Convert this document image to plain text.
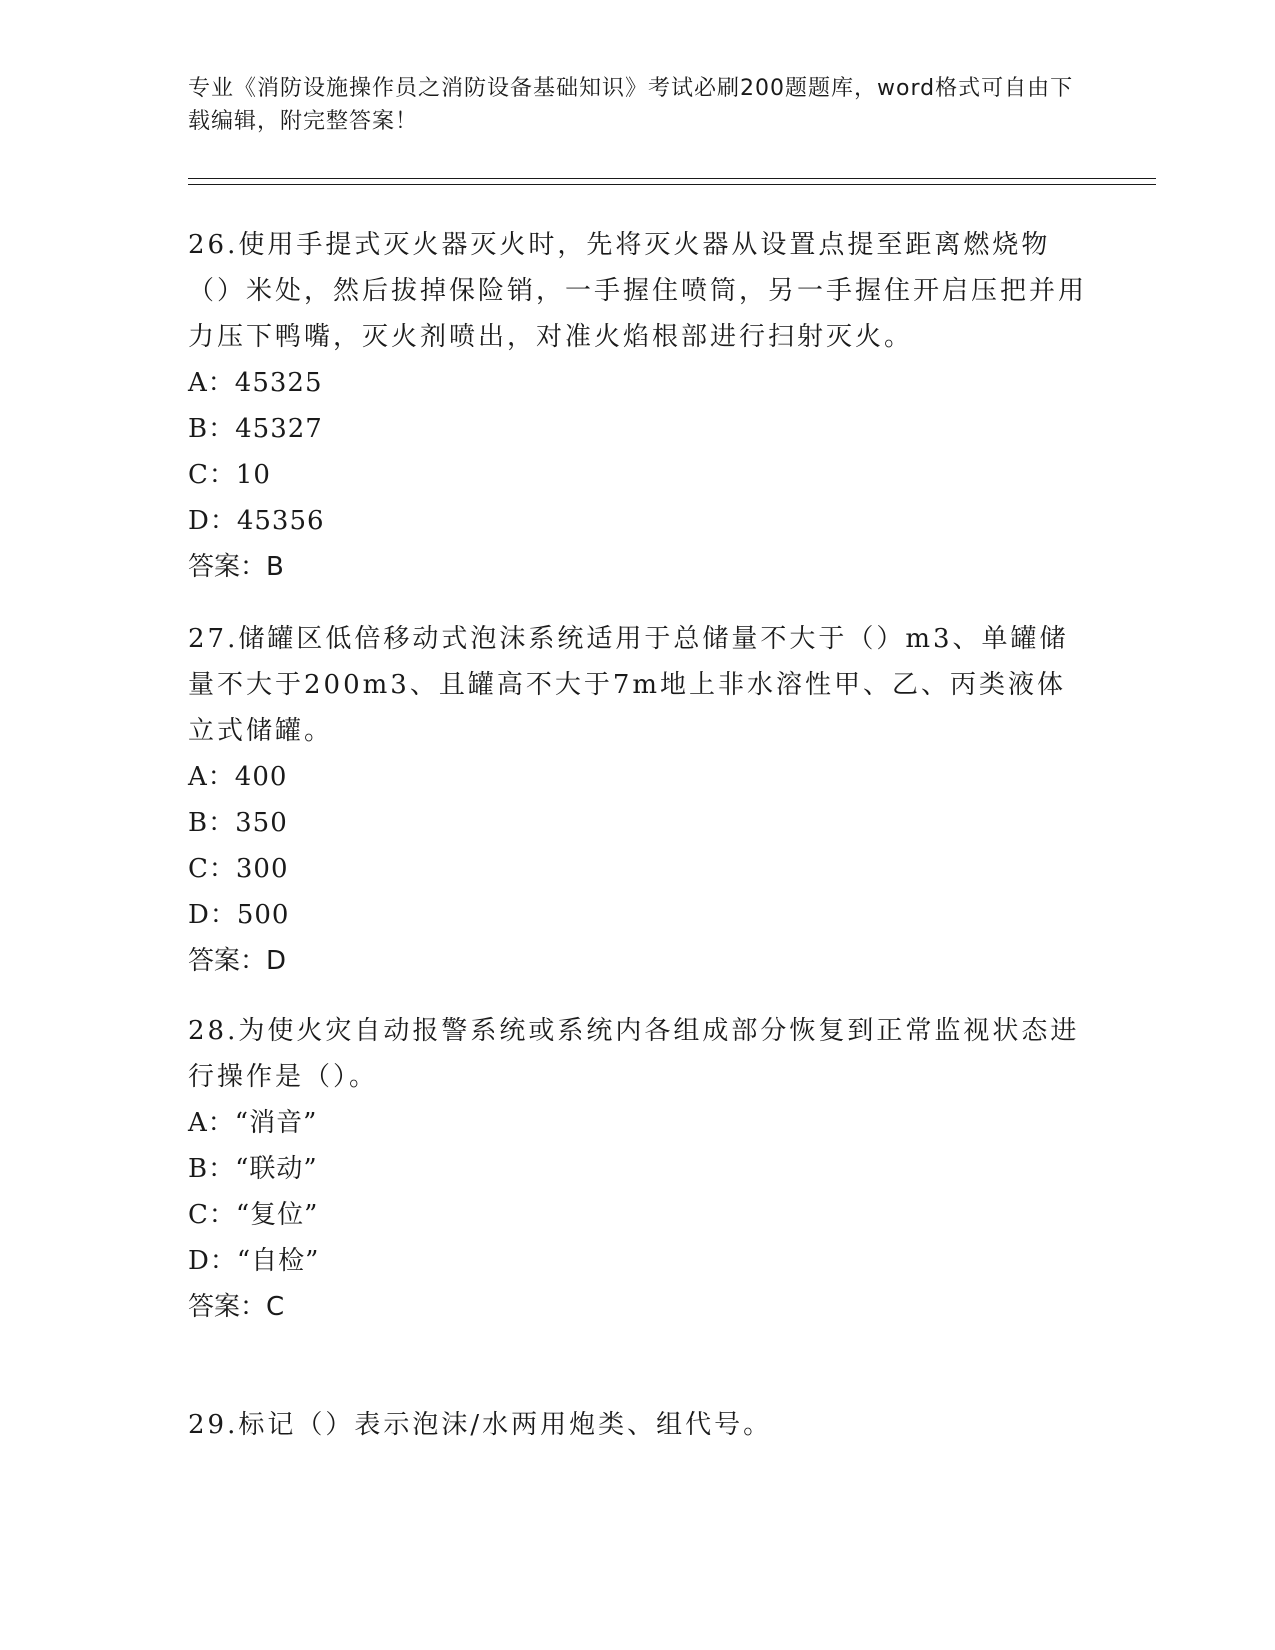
专业《消防设施操作员之消防设备基础知识》考试必刷200题题库，word格式可自由下载编辑，附完整答案！

26.使用手提式灭火器灭火时，先将灭火器从设置点提至距离燃烧物（）米处，然后拔掉保险销，一手握住喷筒，另一手握住开启压把并用力压下鸭嘴，灭火剂喷出，对准火焰根部进行扫射灭火。

A：45325

B：45327

C：10

D：45356

答案：B

27.储罐区低倍移动式泡沫系统适用于总储量不大于（）m3、单罐储量不大于200m3、且罐高不大于7m地上非水溶性甲、乙、丙类液体立式储罐。

A：400

B：350

C：300

D：500

答案：D

28.为使火灾自动报警系统或系统内各组成部分恢复到正常监视状态进行操作是（）。

A：“消音”

B：“联动”

C：“复位”

D：“自检”

答案：C

29.标记（）表示泡沫/水两用炮类、组代号。
